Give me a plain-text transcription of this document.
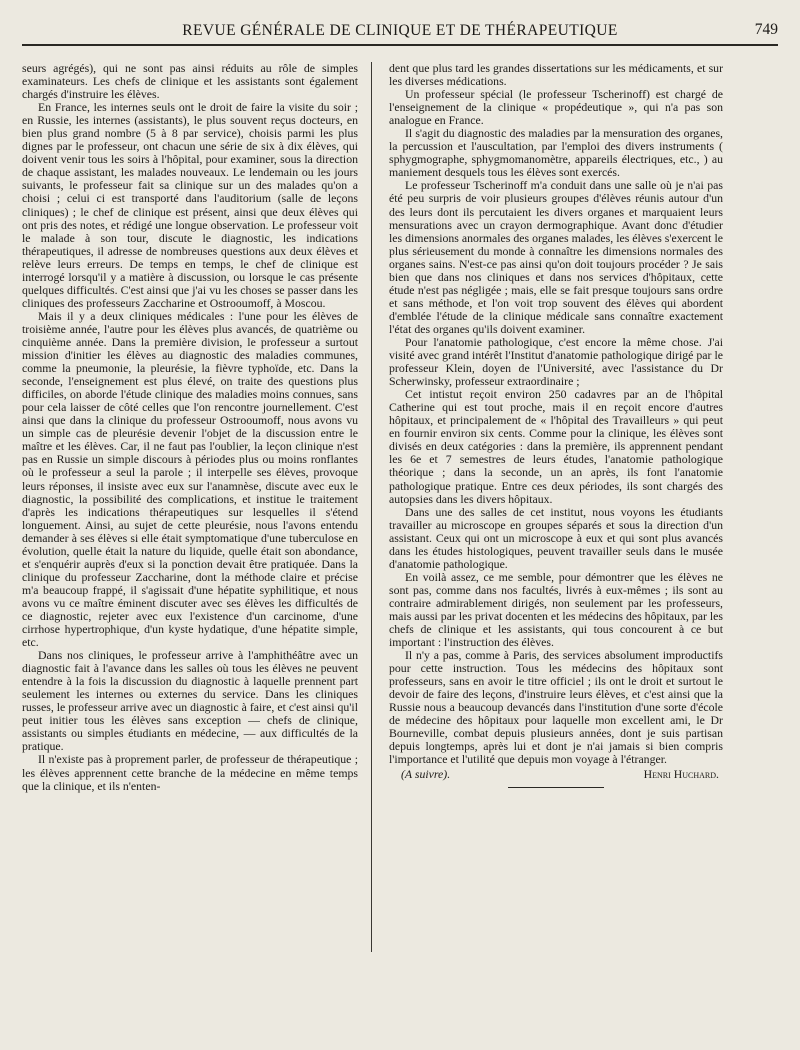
REVUE GÉNÉRALE DE CLINIQUE ET DE THÉRAPEUTIQUE	749

seurs agrégés), qui ne sont pas ainsi réduits au rôle de simples examinateurs. Les chefs de clinique et les assistants sont également chargés d'instruire les élèves.

En France, les internes seuls ont le droit de faire la visite du soir ; en Russie, les internes (assistants), le plus souvent reçus docteurs, en bien plus grand nombre (5 à 8 par service), choisis parmi les plus dignes par le professeur, ont chacun une série de six à dix élèves, qui doivent venir tous les soirs à l'hôpital, pour examiner, sous la direction de chaque assistant, les malades nouveaux. Le lendemain ou les jours suivants, le professeur fait sa clinique sur un des malades qu'on a choisi ; celui ci est transporté dans l'auditorium (salle de leçons cliniques) ; le chef de clinique est présent, ainsi que deux élèves qui ont pris des notes, et rédigé une longue observation. Le professeur voit le malade à son tour, discute le diagnostic, les indications thérapeutiques, il adresse de nombreuses questions aux deux élèves et relève leurs erreurs. De temps en temps, le chef de clinique est interrogé lorsqu'il y a matière à discussion, ou lorsque le cas présente quelques difficultés. C'est ainsi que j'ai vu les choses se passer dans les cliniques des professeurs Zaccharine et Ostrooumoff, à Moscou.

Mais il y a deux cliniques médicales : l'une pour les élèves de troisième année, l'autre pour les élèves plus avancés, de quatrième ou cinquième année. Dans la première division, le professeur a surtout mission d'initier les élèves au diagnostic des maladies communes, comme la pneumonie, la pleurésie, la fièvre typhoïde, etc. Dans la seconde, l'enseignement est plus élevé, on traite des questions plus difficiles, on aborde l'étude clinique des maladies moins connues, sans pour cela laisser de côté celles que l'on rencontre journellement. C'est ainsi que dans la clinique du professeur Ostrooumoff, nous avons vu un simple cas de pleurésie devenir l'objet de la discussion entre le maître et les élèves. Car, il ne faut pas l'oublier, la leçon clinique n'est pas en Russie un simple discours à périodes plus ou moins ronflantes où le professeur a seul la parole ; il interpelle ses élèves, provoque leurs réponses, il insiste avec eux sur l'anamnèse, discute avec eux le diagnostic, la possibilité des complications, et institue le traitement d'après les indications thérapeutiques sur lesquelles il s'étend longuement. Ainsi, au sujet de cette pleurésie, nous l'avons entendu demander à ses élèves si elle était symptomatique d'une tuberculose en évolution, quelle était la nature du liquide, quelle était son abondance, et s'enquérir auprès d'eux si la ponction devait être pratiquée. Dans la clinique du professeur Zaccharine, dont la méthode claire et précise m'a beaucoup frappé, il s'agissait d'une hépatite syphilitique, et nous avons vu ce maître éminent discuter avec ses élèves les difficultés de ce diagnostic, rejeter avec eux l'existence d'un carcinome, d'une cirrhose hypertrophique, d'un kyste hydatique, d'une hépatite simple, etc.

Dans nos cliniques, le professeur arrive à l'amphithéâtre avec un diagnostic fait à l'avance dans les salles où tous les élèves ne peuvent entendre à la fois la discussion du diagnostic à laquelle prennent part seulement les internes ou externes du service. Dans les cliniques russes, le professeur arrive avec un diagnostic à faire, et c'est ainsi qu'il peut initier tous les élèves sans exception — chefs de clinique, assistants ou simples étudiants en médecine, — aux difficultés de la pratique.

Il n'existe pas à proprement parler, de professeur de thérapeutique ; les élèves apprennent cette branche de la médecine en même temps que la clinique, et ils n'enten-

dent que plus tard les grandes dissertations sur les médicaments, et sur les diverses médications.

Un professeur spécial (le professeur Tscherinoff) est chargé de l'enseignement de la clinique « propédeutique », qui n'a pas son analogue en France.

Il s'agit du diagnostic des maladies par la mensuration des organes, la percussion et l'auscultation, par l'emploi des divers instruments ( sphygmographe, sphygmomanomètre, appareils électriques, etc., ) au maniement desquels tous les élèves sont exercés.

Le professeur Tscherinoff m'a conduit dans une salle où je n'ai pas été peu surpris de voir plusieurs groupes d'élèves réunis autour d'un des leurs dont ils percutaient les divers organes et marquaient leurs mensurations avec un crayon dermographique. Avant donc d'étudier les dimensions anormales des organes malades, les élèves s'exercent le plus sérieusement du monde à connaître les dimensions normales des organes sains. N'est-ce pas ainsi qu'on doit toujours procéder ? Je sais bien que dans nos cliniques et dans nos services d'hôpitaux, cette étude n'est pas négligée ; mais, elle se fait presque toujours sans ordre et sans méthode, et l'on voit trop souvent des élèves qui abordent d'emblée l'étude de la clinique médicale sans connaître exactement l'état des organes qu'ils doivent examiner.

Pour l'anatomie pathologique, c'est encore la même chose. J'ai visité avec grand intérêt l'Institut d'anatomie pathologique dirigé par le professeur Klein, doyen de l'Université, avec l'assistance du Dr Scherwinsky, professeur extraordinaire ;

Cet intistut reçoit environ 250 cadavres par an de l'hôpital Catherine qui est tout proche, mais il en reçoit encore d'autres hôpitaux, et principalement de « l'hôpital des Travailleurs » qui peut en fournir environ six cents. Comme pour la clinique, les élèves sont divisés en deux catégories : dans la première, ils apprennent pendant les 6e et 7 semestres de leurs études, l'anatomie pathologique théorique ; dans la seconde, un an après, ils font l'anatomie pathologique pratique. Entre ces deux périodes, ils sont chargés des autopsies dans les divers hôpitaux.

Dans une des salles de cet institut, nous voyons les étudiants travailler au microscope en groupes séparés et sous la direction d'un assistant. Ceux qui ont un microscope à eux et qui sont plus avancés dans les études histologiques, peuvent travailler seuls dans le musée d'anatomie pathologique.

En voilà assez, ce me semble, pour démontrer que les élèves ne sont pas, comme dans nos facultés, livrés à eux-mêmes ; ils sont au contraire admirablement dirigés, non seulement par les professeurs, mais aussi par les privat docenten et les médecins des hôpitaux, par les chefs de clinique et les assistants, qui tous concourent à ce but important : l'instruction des élèves.

Il n'y a pas, comme à Paris, des services absolument improductifs pour cette instruction. Tous les médecins des hôpitaux sont professeurs, sans en avoir le titre officiel ; ils ont le droit et surtout le devoir de faire des leçons, d'instruire leurs élèves, et c'est ainsi que la Russie nous a beaucoup devancés dans l'institution d'une sorte d'école de médecine des hôpitaux pour laquelle mon excellent ami, le Dr Bourneville, combat depuis plusieurs années, dont je suis partisan depuis longtemps, après lui et dont je n'ai jamais si bien compris l'importance et l'utilité que depuis mon voyage à l'étranger.

(A suivre).	Henri Huchard.
